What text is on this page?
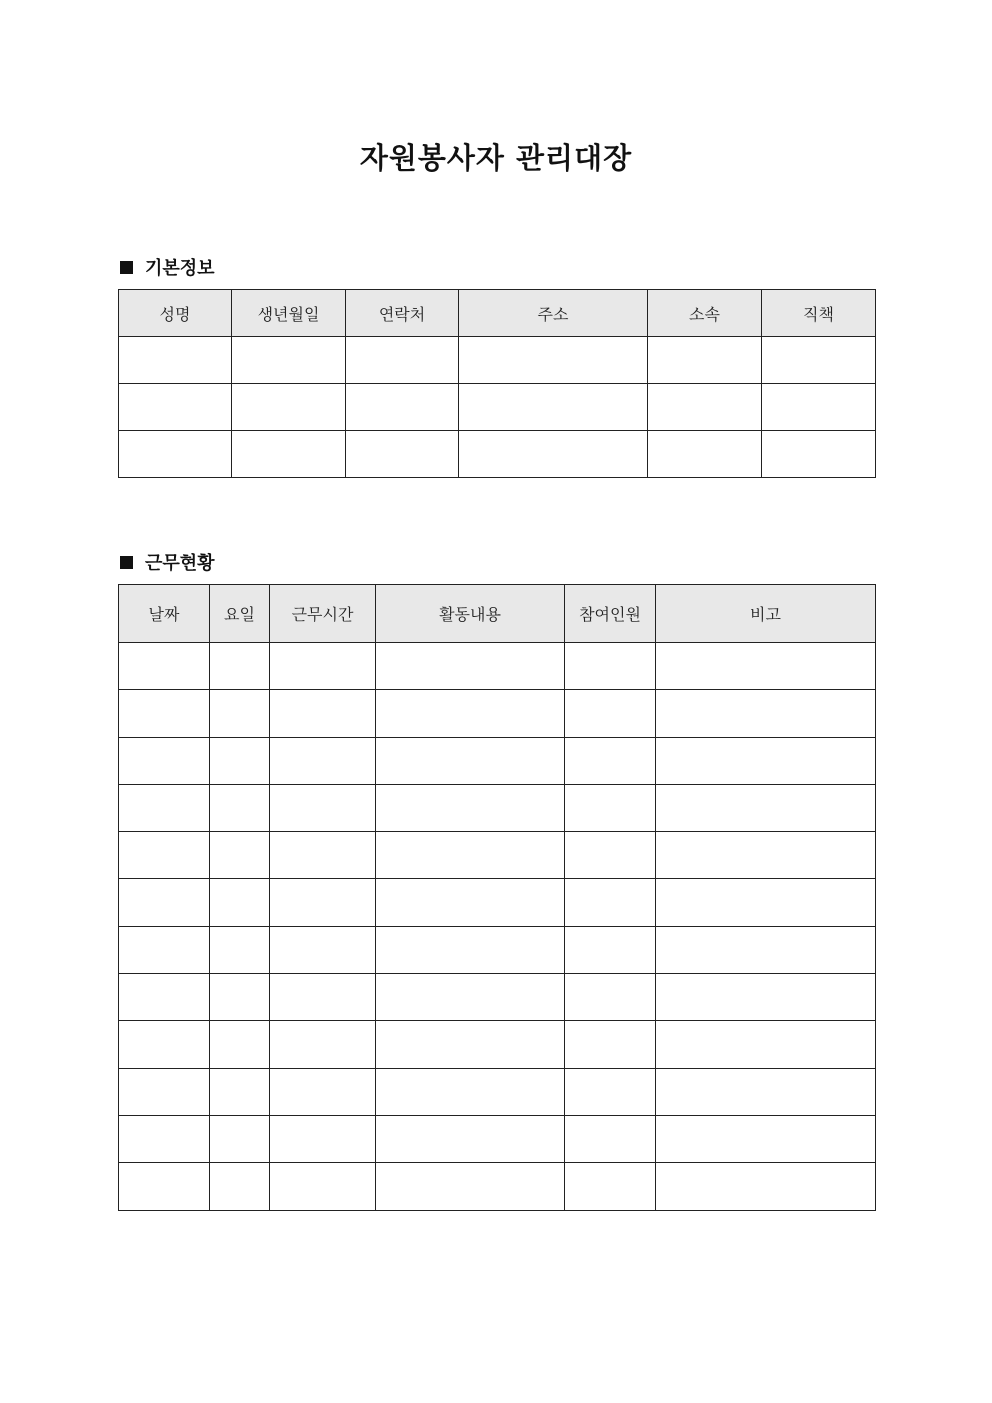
자원봉사자 관리대장
기본정보
성명	생년월일	연락처	주소	소속	직책

근무현황
날짜	요일	근무시간	활동내용	참여인원	비고
